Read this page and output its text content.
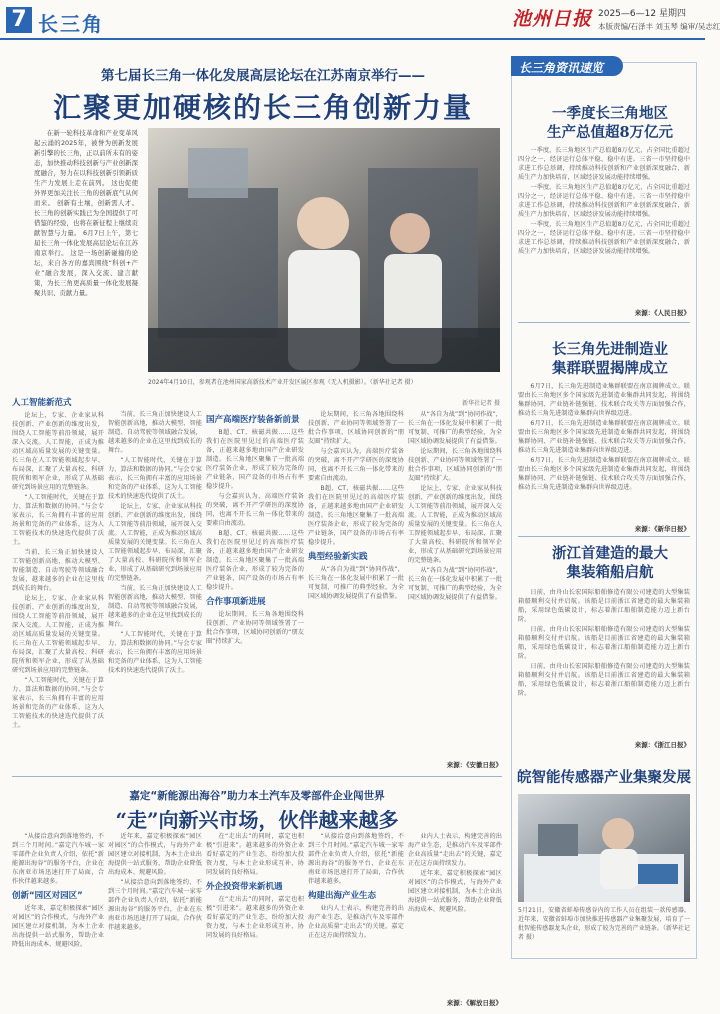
7 长三角	池州日报 2025—6—12 星期四
本版责编/石泽丰 刘玉琴 编审/吴志红
第七届长三角一体化发展高层论坛在江苏南京举行——
汇聚更加硬核的长三角创新力量

在新一轮科技革命和产业变革风起云涌的2025年，被誉为创新发展新引擎的长三角，正以前所未有的姿态，加快推动科技创新与产业创新深度融合，努力在以科技创新引领新质生产力发展上走在前列。 这也促使外界更加关注长三角的创新底气从何而来。 创新有土壤，创新需人才。长三角的创新实践已为全国提供了可借鉴的经验，也将在新征程上继续贡献智慧与力量。 6月7日上午，第七届长三角一体化发展高层论坛在江苏南京举行。 这是一场创新碰撞的论坛，来自各方的嘉宾围绕“科创+产业”融合发展，深入交流、建言献策，为长三角更高质量一体化发展凝聚共识、贡献力量。

2024年4月10日，参观者在池州国家高新技术产业开发区展区参观（无人机摄影）。（新华社记者 摄）
新华社记者 摄
人工智能新范式

论坛上，专家、企业家从科技创新、产业创新的维度出发，围绕人工智能等前沿领域，展开深入交流。人工智能，正成为推动区域高质量发展的关键变量。长三角在人工智能领域起步早、布局深，汇聚了大量高校、科研院所和领军企业，形成了从基础研究到场景应用的完整链条。

“人工智能时代，关键在于算力、算法和数据的协同。”与会专家表示，长三角拥有丰富的应用场景和完备的产业体系，这为人工智能技术的快速迭代提供了沃土。

当前，长三角正加快建设人工智能创新高地，推动大模型、智能制造、自动驾驶等领域融合发展，越来越多的企业在这里找到成长的舞台。

论坛上，专家、企业家从科技创新、产业创新的维度出发，围绕人工智能等前沿领域，展开深入交流。人工智能，正成为推动区域高质量发展的关键变量。长三角在人工智能领域起步早、布局深，汇聚了大量高校、科研院所和领军企业，形成了从基础研究到场景应用的完整链条。

“人工智能时代，关键在于算力、算法和数据的协同。”与会专家表示，长三角拥有丰富的应用场景和完备的产业体系，这为人工智能技术的快速迭代提供了沃土。

当前，长三角正加快建设人工智能创新高地，推动大模型、智能制造、自动驾驶等领域融合发展，越来越多的企业在这里找到成长的舞台。

“人工智能时代，关键在于算力、算法和数据的协同。”与会专家表示，长三角拥有丰富的应用场景和完备的产业体系，这为人工智能技术的快速迭代提供了沃土。

论坛上，专家、企业家从科技创新、产业创新的维度出发，围绕人工智能等前沿领域，展开深入交流。人工智能，正成为推动区域高质量发展的关键变量。长三角在人工智能领域起步早、布局深，汇聚了大量高校、科研院所和领军企业，形成了从基础研究到场景应用的完整链条。

当前，长三角正加快建设人工智能创新高地，推动大模型、智能制造、自动驾驶等领域融合发展，越来越多的企业在这里找到成长的舞台。

“人工智能时代，关键在于算力、算法和数据的协同。”与会专家表示，长三角拥有丰富的应用场景和完备的产业体系，这为人工智能技术的快速迭代提供了沃土。

国产高端医疗装备新前景

B超、CT、核磁共振……这些我们在医院里见过的高端医疗装备，正越来越多地由国产企业研发制造。长三角地区聚集了一批高端医疗装备企业，形成了较为完备的产业链条，国产设备的市场占有率稳步提升。

与会嘉宾认为，高端医疗装备的突破，离不开产学研医的深度协同，也离不开长三角一体化带来的要素自由流动。

B超、CT、核磁共振……这些我们在医院里见过的高端医疗装备，正越来越多地由国产企业研发制造。长三角地区聚集了一批高端医疗装备企业，形成了较为完备的产业链条，国产设备的市场占有率稳步提升。

合作事项新进展

论坛期间，长三角各地围绕科技创新、产业协同等领域签署了一批合作事项，区域协同创新的“朋友圈”持续扩大。

论坛期间，长三角各地围绕科技创新、产业协同等领域签署了一批合作事项，区域协同创新的“朋友圈”持续扩大。

与会嘉宾认为，高端医疗装备的突破，离不开产学研医的深度协同，也离不开长三角一体化带来的要素自由流动。

B超、CT、核磁共振……这些我们在医院里见过的高端医疗装备，正越来越多地由国产企业研发制造。长三角地区聚集了一批高端医疗装备企业，形成了较为完备的产业链条，国产设备的市场占有率稳步提升。

典型经验新实践

从“各自为战”到“协同作战”，长三角在一体化发展中积累了一批可复制、可推广的典型经验，为全国区域协调发展提供了有益借鉴。

从“各自为战”到“协同作战”，长三角在一体化发展中积累了一批可复制、可推广的典型经验，为全国区域协调发展提供了有益借鉴。

论坛期间，长三角各地围绕科技创新、产业协同等领域签署了一批合作事项，区域协同创新的“朋友圈”持续扩大。

论坛上，专家、企业家从科技创新、产业创新的维度出发，围绕人工智能等前沿领域，展开深入交流。人工智能，正成为推动区域高质量发展的关键变量。长三角在人工智能领域起步早、布局深，汇聚了大量高校、科研院所和领军企业，形成了从基础研究到场景应用的完整链条。

从“各自为战”到“协同作战”，长三角在一体化发展中积累了一批可复制、可推广的典型经验，为全国区域协调发展提供了有益借鉴。

来源：《安徽日报》
嘉定“新能源出海谷”助力本土汽车及零部件企业闯世界
“走”向新兴市场，伙伴越来越多

“从接洽意向到落地签约，不到三个月时间。”嘉定汽车城一家零部件企业负责人介绍，依托“新能源出海谷”的服务平台，企业在东南亚市场迅速打开了局面，合作伙伴越来越多。

创新“园区对园区”

近年来，嘉定积极探索“园区对园区”的合作模式，与海外产业园区建立对接机制，为本土企业出海提供一站式服务，帮助企业降低出海成本、规避风险。

近年来，嘉定积极探索“园区对园区”的合作模式，与海外产业园区建立对接机制，为本土企业出海提供一站式服务，帮助企业降低出海成本、规避风险。

“从接洽意向到落地签约，不到三个月时间。”嘉定汽车城一家零部件企业负责人介绍，依托“新能源出海谷”的服务平台，企业在东南亚市场迅速打开了局面，合作伙伴越来越多。

在“走出去”的同时，嘉定也积极“引进来”。越来越多的外资企业看好嘉定的产业生态，纷纷加大投资力度，与本土企业形成互补、协同发展的良好格局。

外企投资带来新机遇

在“走出去”的同时，嘉定也积极“引进来”。越来越多的外资企业看好嘉定的产业生态，纷纷加大投资力度，与本土企业形成互补、协同发展的良好格局。

“从接洽意向到落地签约，不到三个月时间。”嘉定汽车城一家零部件企业负责人介绍，依托“新能源出海谷”的服务平台，企业在东南亚市场迅速打开了局面，合作伙伴越来越多。

构建出海产业生态

业内人士表示，构建完善的出海产业生态，是推动汽车及零部件企业高质量“走出去”的关键，嘉定正在这方面持续发力。

业内人士表示，构建完善的出海产业生态，是推动汽车及零部件企业高质量“走出去”的关键，嘉定正在这方面持续发力。

近年来，嘉定积极探索“园区对园区”的合作模式，与海外产业园区建立对接机制，为本土企业出海提供一站式服务，帮助企业降低出海成本、规避风险。

来源：《解放日报》
长三角资讯速览
一季度长三角地区生产总值超8万亿元

一季度，长三角地区生产总值超8万亿元，占全国比重超过四分之一，经济运行总体平稳、稳中有进。三省一市坚持稳中求进工作总基调，持续推动科技创新和产业创新深度融合，新质生产力加快培育，区域经济发展动能持续增强。

一季度，长三角地区生产总值超8万亿元，占全国比重超过四分之一，经济运行总体平稳、稳中有进。三省一市坚持稳中求进工作总基调，持续推动科技创新和产业创新深度融合，新质生产力加快培育，区域经济发展动能持续增强。

一季度，长三角地区生产总值超8万亿元，占全国比重超过四分之一，经济运行总体平稳、稳中有进。三省一市坚持稳中求进工作总基调，持续推动科技创新和产业创新深度融合，新质生产力加快培育，区域经济发展动能持续增强。

来源：《人民日报》
长三角先进制造业集群联盟揭牌成立

6月7日，长三角先进制造业集群联盟在南京揭牌成立。联盟由长三角地区多个国家级先进制造业集群共同发起，将围绕集群协同、产业链补链强链、技术联合攻关等方面加强合作，推动长三角先进制造业集群向世界级迈进。

6月7日，长三角先进制造业集群联盟在南京揭牌成立。联盟由长三角地区多个国家级先进制造业集群共同发起，将围绕集群协同、产业链补链强链、技术联合攻关等方面加强合作，推动长三角先进制造业集群向世界级迈进。

6月7日，长三角先进制造业集群联盟在南京揭牌成立。联盟由长三角地区多个国家级先进制造业集群共同发起，将围绕集群协同、产业链补链强链、技术联合攻关等方面加强合作，推动长三角先进制造业集群向世界级迈进。

来源：《新华日报》
浙江首建造的最大集装箱船启航

日前，由舟山长宏国际船舶修造有限公司建造的大型集装箱船顺利交付并启航。该船是目前浙江省建造的最大集装箱船，采用绿色低碳设计，标志着浙江船舶制造能力迈上新台阶。

日前，由舟山长宏国际船舶修造有限公司建造的大型集装箱船顺利交付并启航。该船是目前浙江省建造的最大集装箱船，采用绿色低碳设计，标志着浙江船舶制造能力迈上新台阶。

日前，由舟山长宏国际船舶修造有限公司建造的大型集装箱船顺利交付并启航。该船是目前浙江省建造的最大集装箱船，采用绿色低碳设计，标志着浙江船舶制造能力迈上新台阶。

来源：《浙江日报》
皖智能传感器产业集聚发展
5月21日，安徽省蚌埠传感谷内的工作人员在组装一款传感器。 近年来，安徽省蚌埠市加快推进传感器产业集聚发展，培育了一批智能传感器龙头企业，形成了较为完善的产业链条。（新华社记者 摄）
